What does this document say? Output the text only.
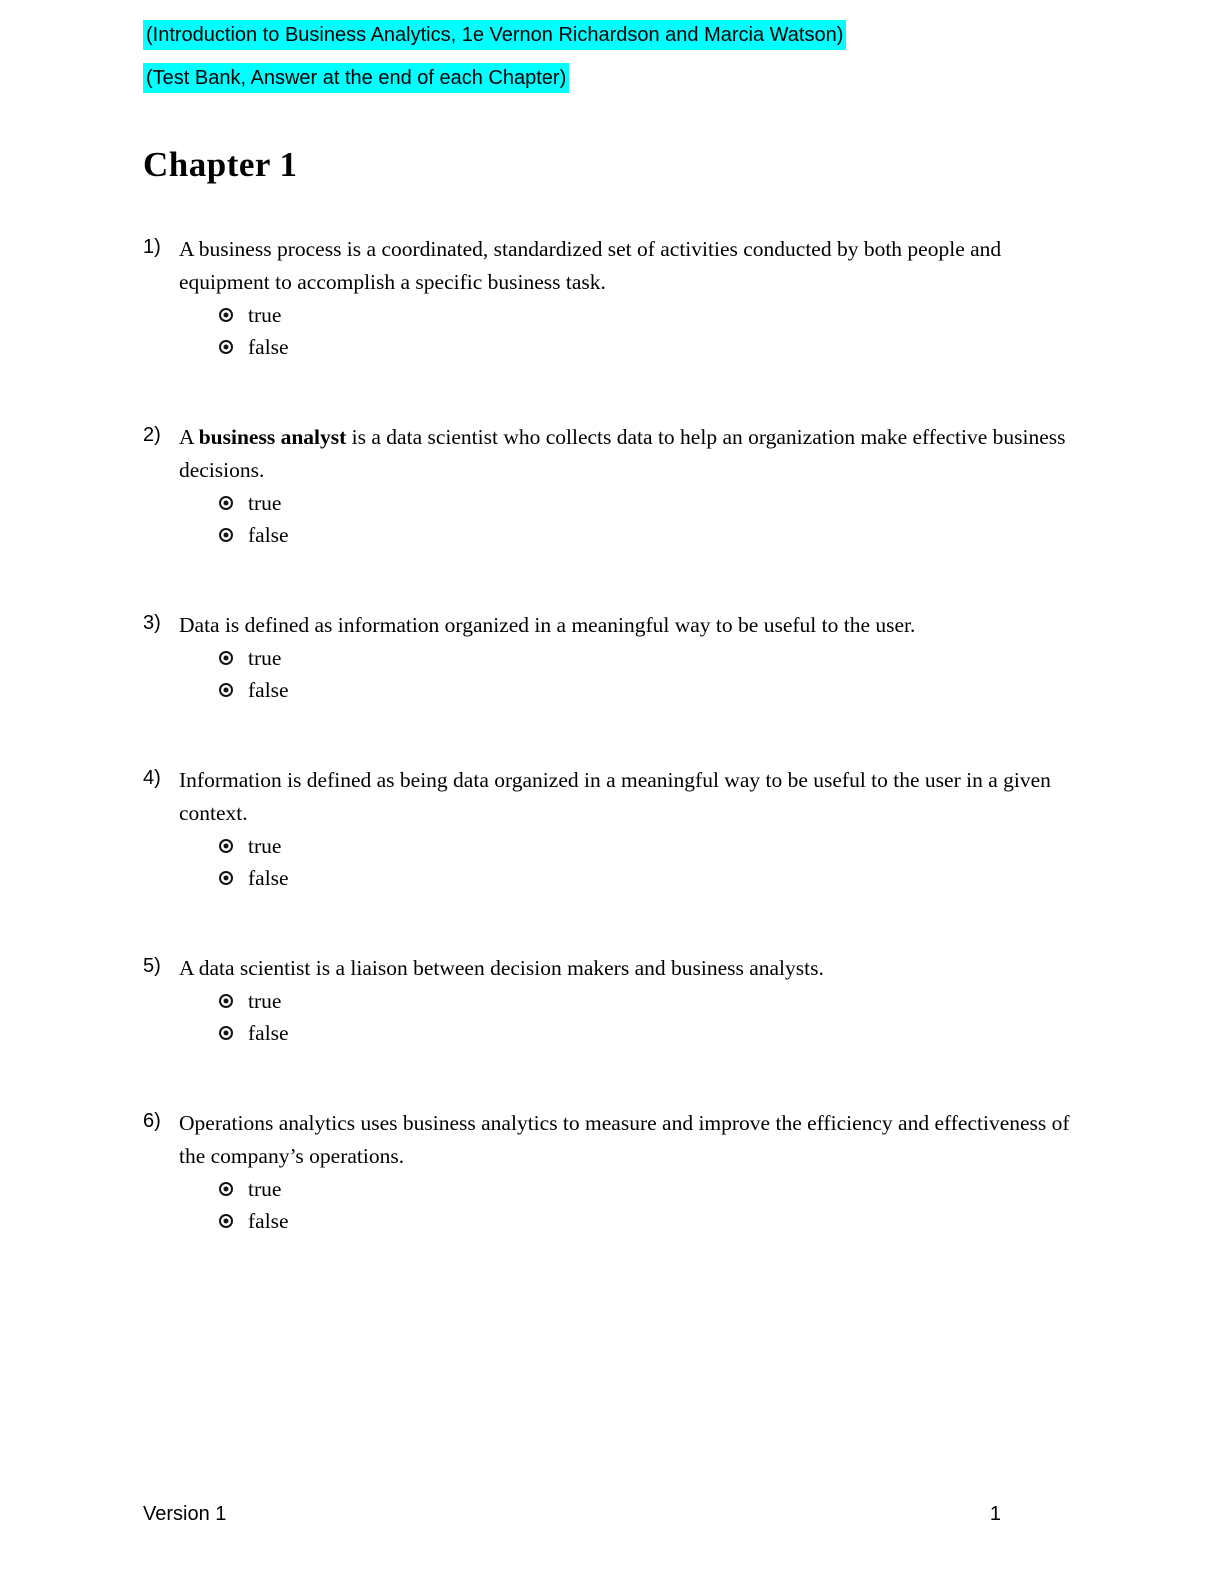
(Introduction to Business Analytics, 1e Vernon Richardson and Marcia Watson)
(Test Bank, Answer at the end of each Chapter)
Chapter 1
1) A business process is a coordinated, standardized set of activities conducted by both people and equipment to accomplish a specific business task.

true
false
2) A business analyst is a data scientist who collects data to help an organization make effective business decisions.

true
false
3) Data is defined as information organized in a meaningful way to be useful to the user.

true
false
4) Information is defined as being data organized in a meaningful way to be useful to the user in a given context.

true
false
5) A data scientist is a liaison between decision makers and business analysts.

true
false
6) Operations analytics uses business analytics to measure and improve the efficiency and effectiveness of the company’s operations.

true
false
Version 1	1
